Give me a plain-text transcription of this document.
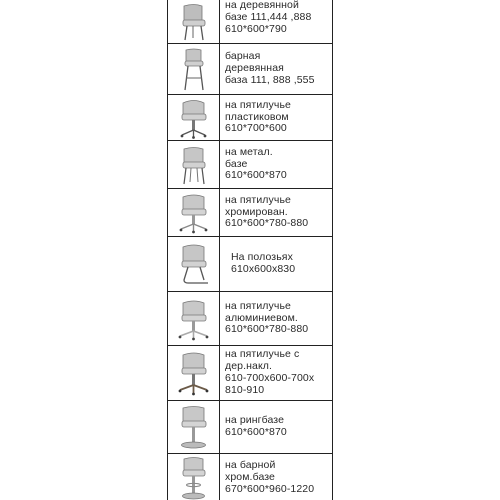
на деревянной
базе 111,444 ,888
610*600*790
барная
деревянная
база 111, 888 ,555
на пятилучье
пластиковом
610*700*600
на метал.
базе
610*600*870
на пятилучье
хромирован.
610*600*780-880
На полозьях
610x600x830
на пятилучье
алюминиевом.
610*600*780-880
на пятилучье с
дер.накл.
610-700x600-700x
810-910
на рингбазе
610*600*870
на барной
хром.базе
670*600*960-1220
